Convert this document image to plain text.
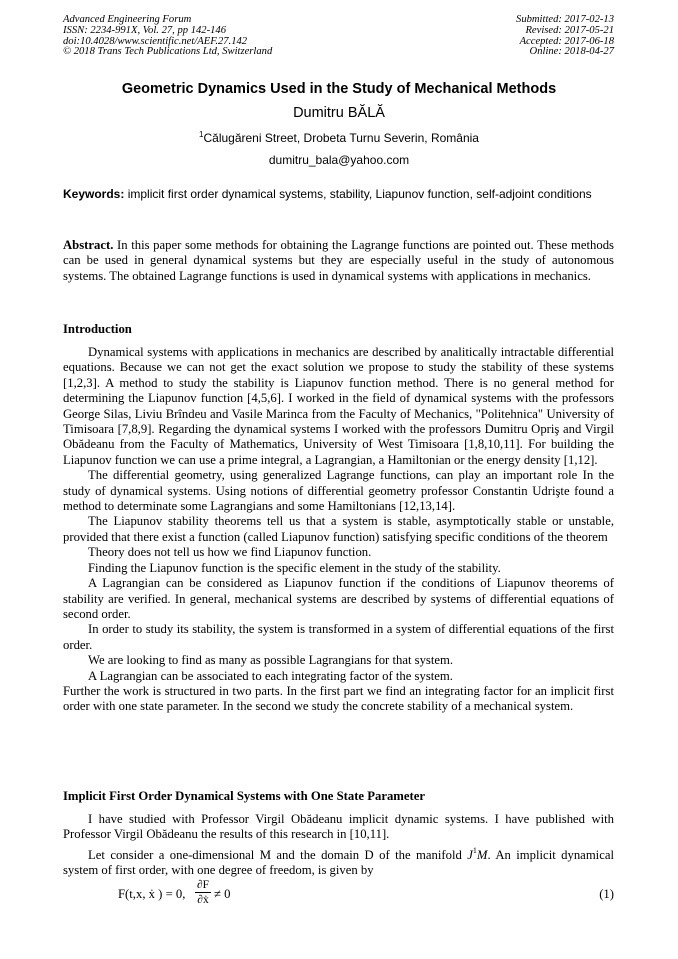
Advanced Engineering Forum
ISSN: 2234-991X, Vol. 27, pp 142-146
doi:10.4028/www.scientific.net/AEF.27.142
© 2018 Trans Tech Publications Ltd, Switzerland
Submitted: 2017-02-13
Revised: 2017-05-21
Accepted: 2017-06-18
Online: 2018-04-27
Geometric Dynamics Used in the Study of Mechanical Methods
Dumitru BĂLĂ
$^1$Călugăreni Street, Drobeta Turnu Severin, România
dumitru_bala@yahoo.com
Keywords: implicit first order dynamical systems, stability, Liapunov function, self-adjoint conditions

Abstract. In this paper some methods for obtaining the Lagrange functions are pointed out. These methods can be used in general dynamical systems but they are especially useful in the study of autonomous systems. The obtained Lagrange functions is used in dynamical systems with applications in mechanics.

Introduction

Dynamical systems with applications in mechanics are described by analitically intractable differential equations. Because we can not get the exact solution we propose to study the stability of these systems [1,2,3]. A method to study the stability is Liapunov function method. There is no general method for determining the Liapunov function [4,5,6]. I worked in the field of dynamical systems with the professors George Silas, Liviu Brîndeu and Vasile Marinca from the Faculty of Mechanics, "Politehnica" University of Timisoara [7,8,9]. Regarding the dynamical systems I worked with the professors Dumitru Opriş and Virgil Obădeanu from the Faculty of Mathematics, University of West Timisoara [1,8,10,11]. For building the Liapunov function we can use a prime integral, a Lagrangian, a Hamiltonian or the energy density [1,12].

The differential geometry, using generalized Lagrange functions, can play an important role In the study of dynamical systems. Using notions of differential geometry professor Constantin Udrişte found a method to determinate some Lagrangians and some Hamiltonians [12,13,14].

The Liapunov stability theorems tell us that a system is stable, asymptotically stable or unstable, provided that there exist a function (called Liapunov function) satisfying specific conditions of the theorem

Theory does not tell us how we find Liapunov function.

Finding the Liapunov function is the specific element in the study of the stability.

A Lagrangian can be considered as Liapunov function if the conditions of Liapunov theorems of stability are verified. In general, mechanical systems are described by systems of differential equations of second order.

In order to study its stability, the system is transformed in a system of differential equations of the first order.

We are looking to find as many as possible Lagrangians for that system.

A Lagrangian can be associated to each integrating factor of the system.

Further the work is structured in two parts. In the first part we find an integrating factor for an implicit first order with one state parameter. In the second we study the concrete stability of a mechanical system.

Implicit First Order Dynamical Systems with One State Parameter

I have studied with Professor Virgil Obădeanu implicit dynamic systems. I have published with Professor Virgil Obădeanu the results of this research in [10,11].

Let consider a one-dimensional M and the domain D of the manifold $J^1M$. An implicit dynamical system of first order, with one degree of freedom, is given by

F(t,x, ẋ ) = 0, $\frac{\partial F}{\text{∂ẋ}} \ne 0$	(1)
